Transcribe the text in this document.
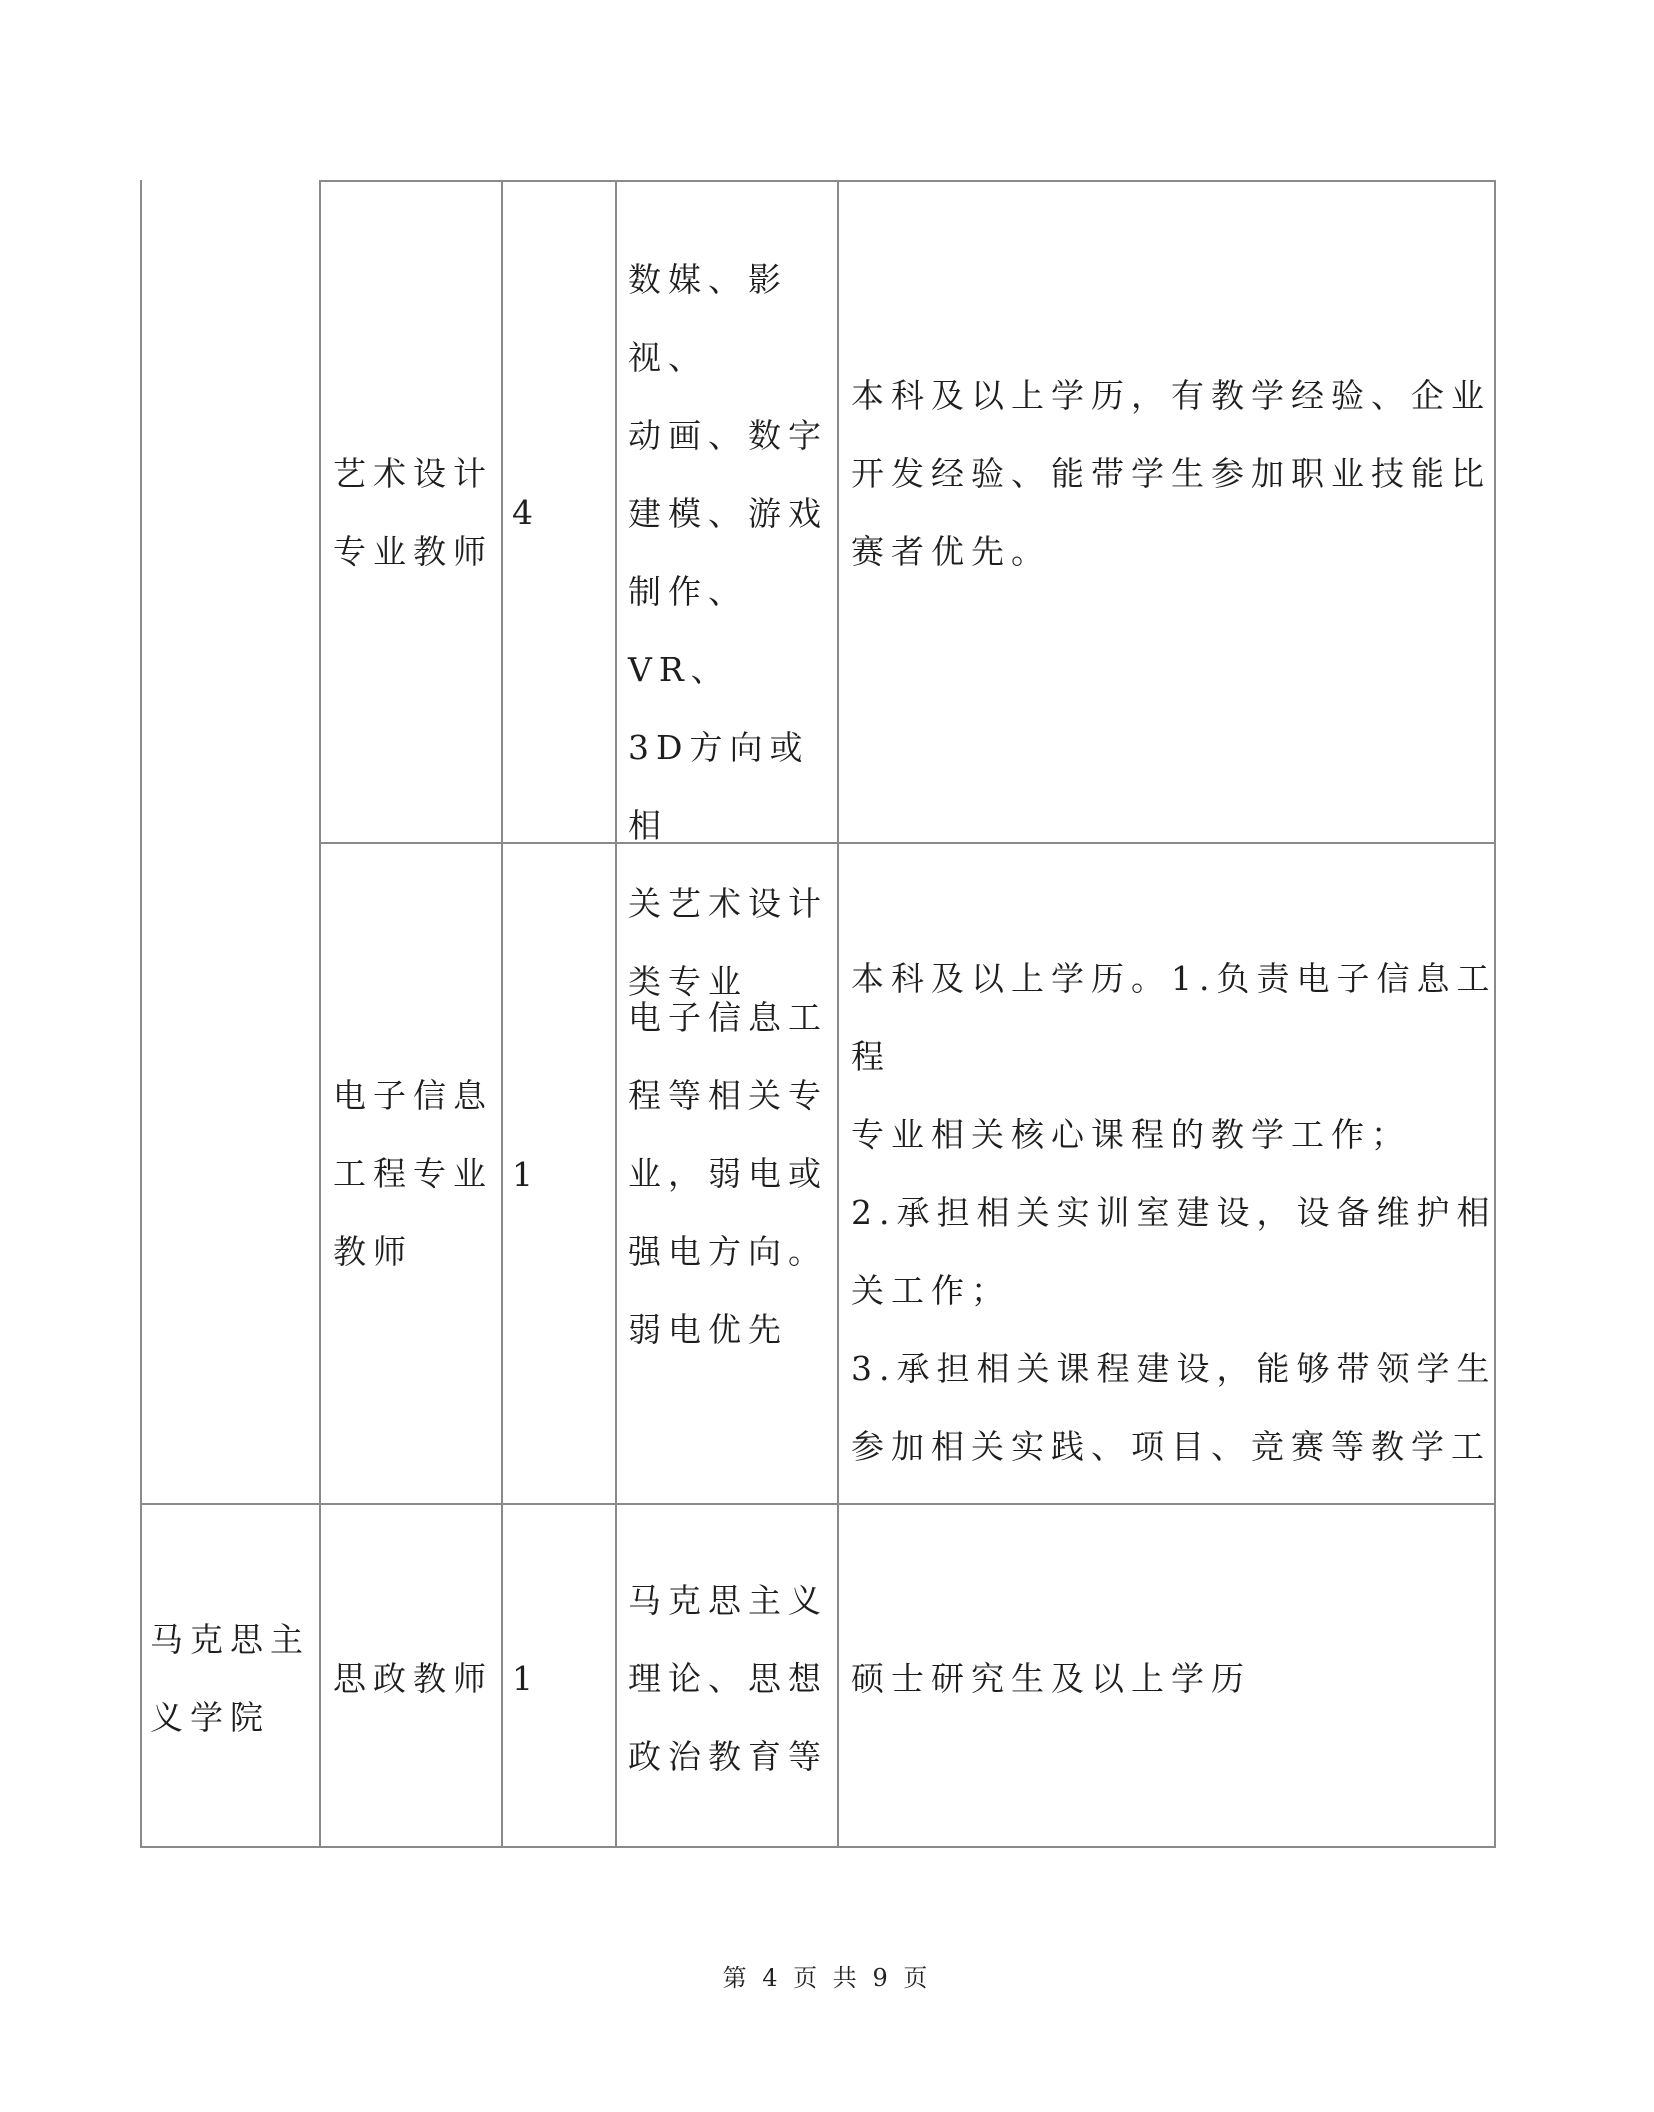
艺术设计
专业教师
4
数媒、影视、
动画、数字
建模、游戏
制作、VR、
3D方向或相
关艺术设计
类专业
本科及以上学历，有教学经验、企业
开发经验、能带学生参加职业技能比
赛者优先。
电子信息
工程专业
教师
1
电子信息工
程等相关专
业，弱电或
强电方向。
弱电优先
本科及以上学历。1.负责电子信息工程
专业相关核心课程的教学工作；
2.承担相关实训室建设，设备维护相
关工作；
3.承担相关课程建设，能够带领学生
参加相关实践、项目、竞赛等教学工
马克思主
义学院
思政教师 1
马克思主义
理论、思想
政治教育等
硕士研究生及以上学历
第 4 页 共 9 页
